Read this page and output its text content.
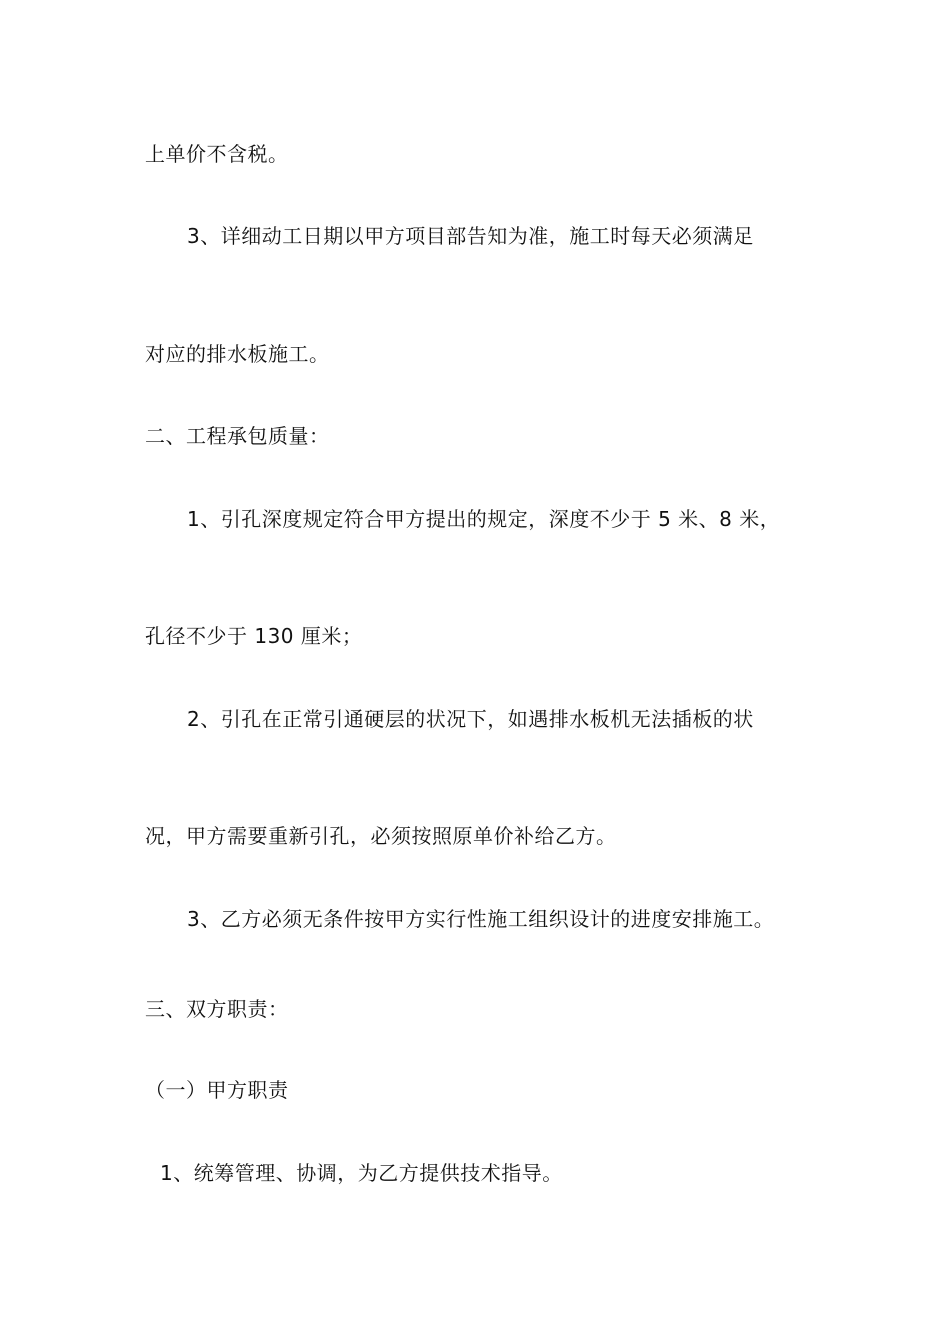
上单价不含税。
3、详细动工日期以甲方项目部告知为准，施工时每天必须满足
对应的排水板施工。
二、工程承包质量：
1、引孔深度规定符合甲方提出的规定，深度不少于 5 米、8 米，
孔径不少于 130 厘米；
2、引孔在正常引通硬层的状况下，如遇排水板机无法插板的状
况，甲方需要重新引孔，必须按照原单价补给乙方。
3、乙方必须无条件按甲方实行性施工组织设计的进度安排施工。
三、双方职责：
（一）甲方职责
1、统筹管理、协调，为乙方提供技术指导。
